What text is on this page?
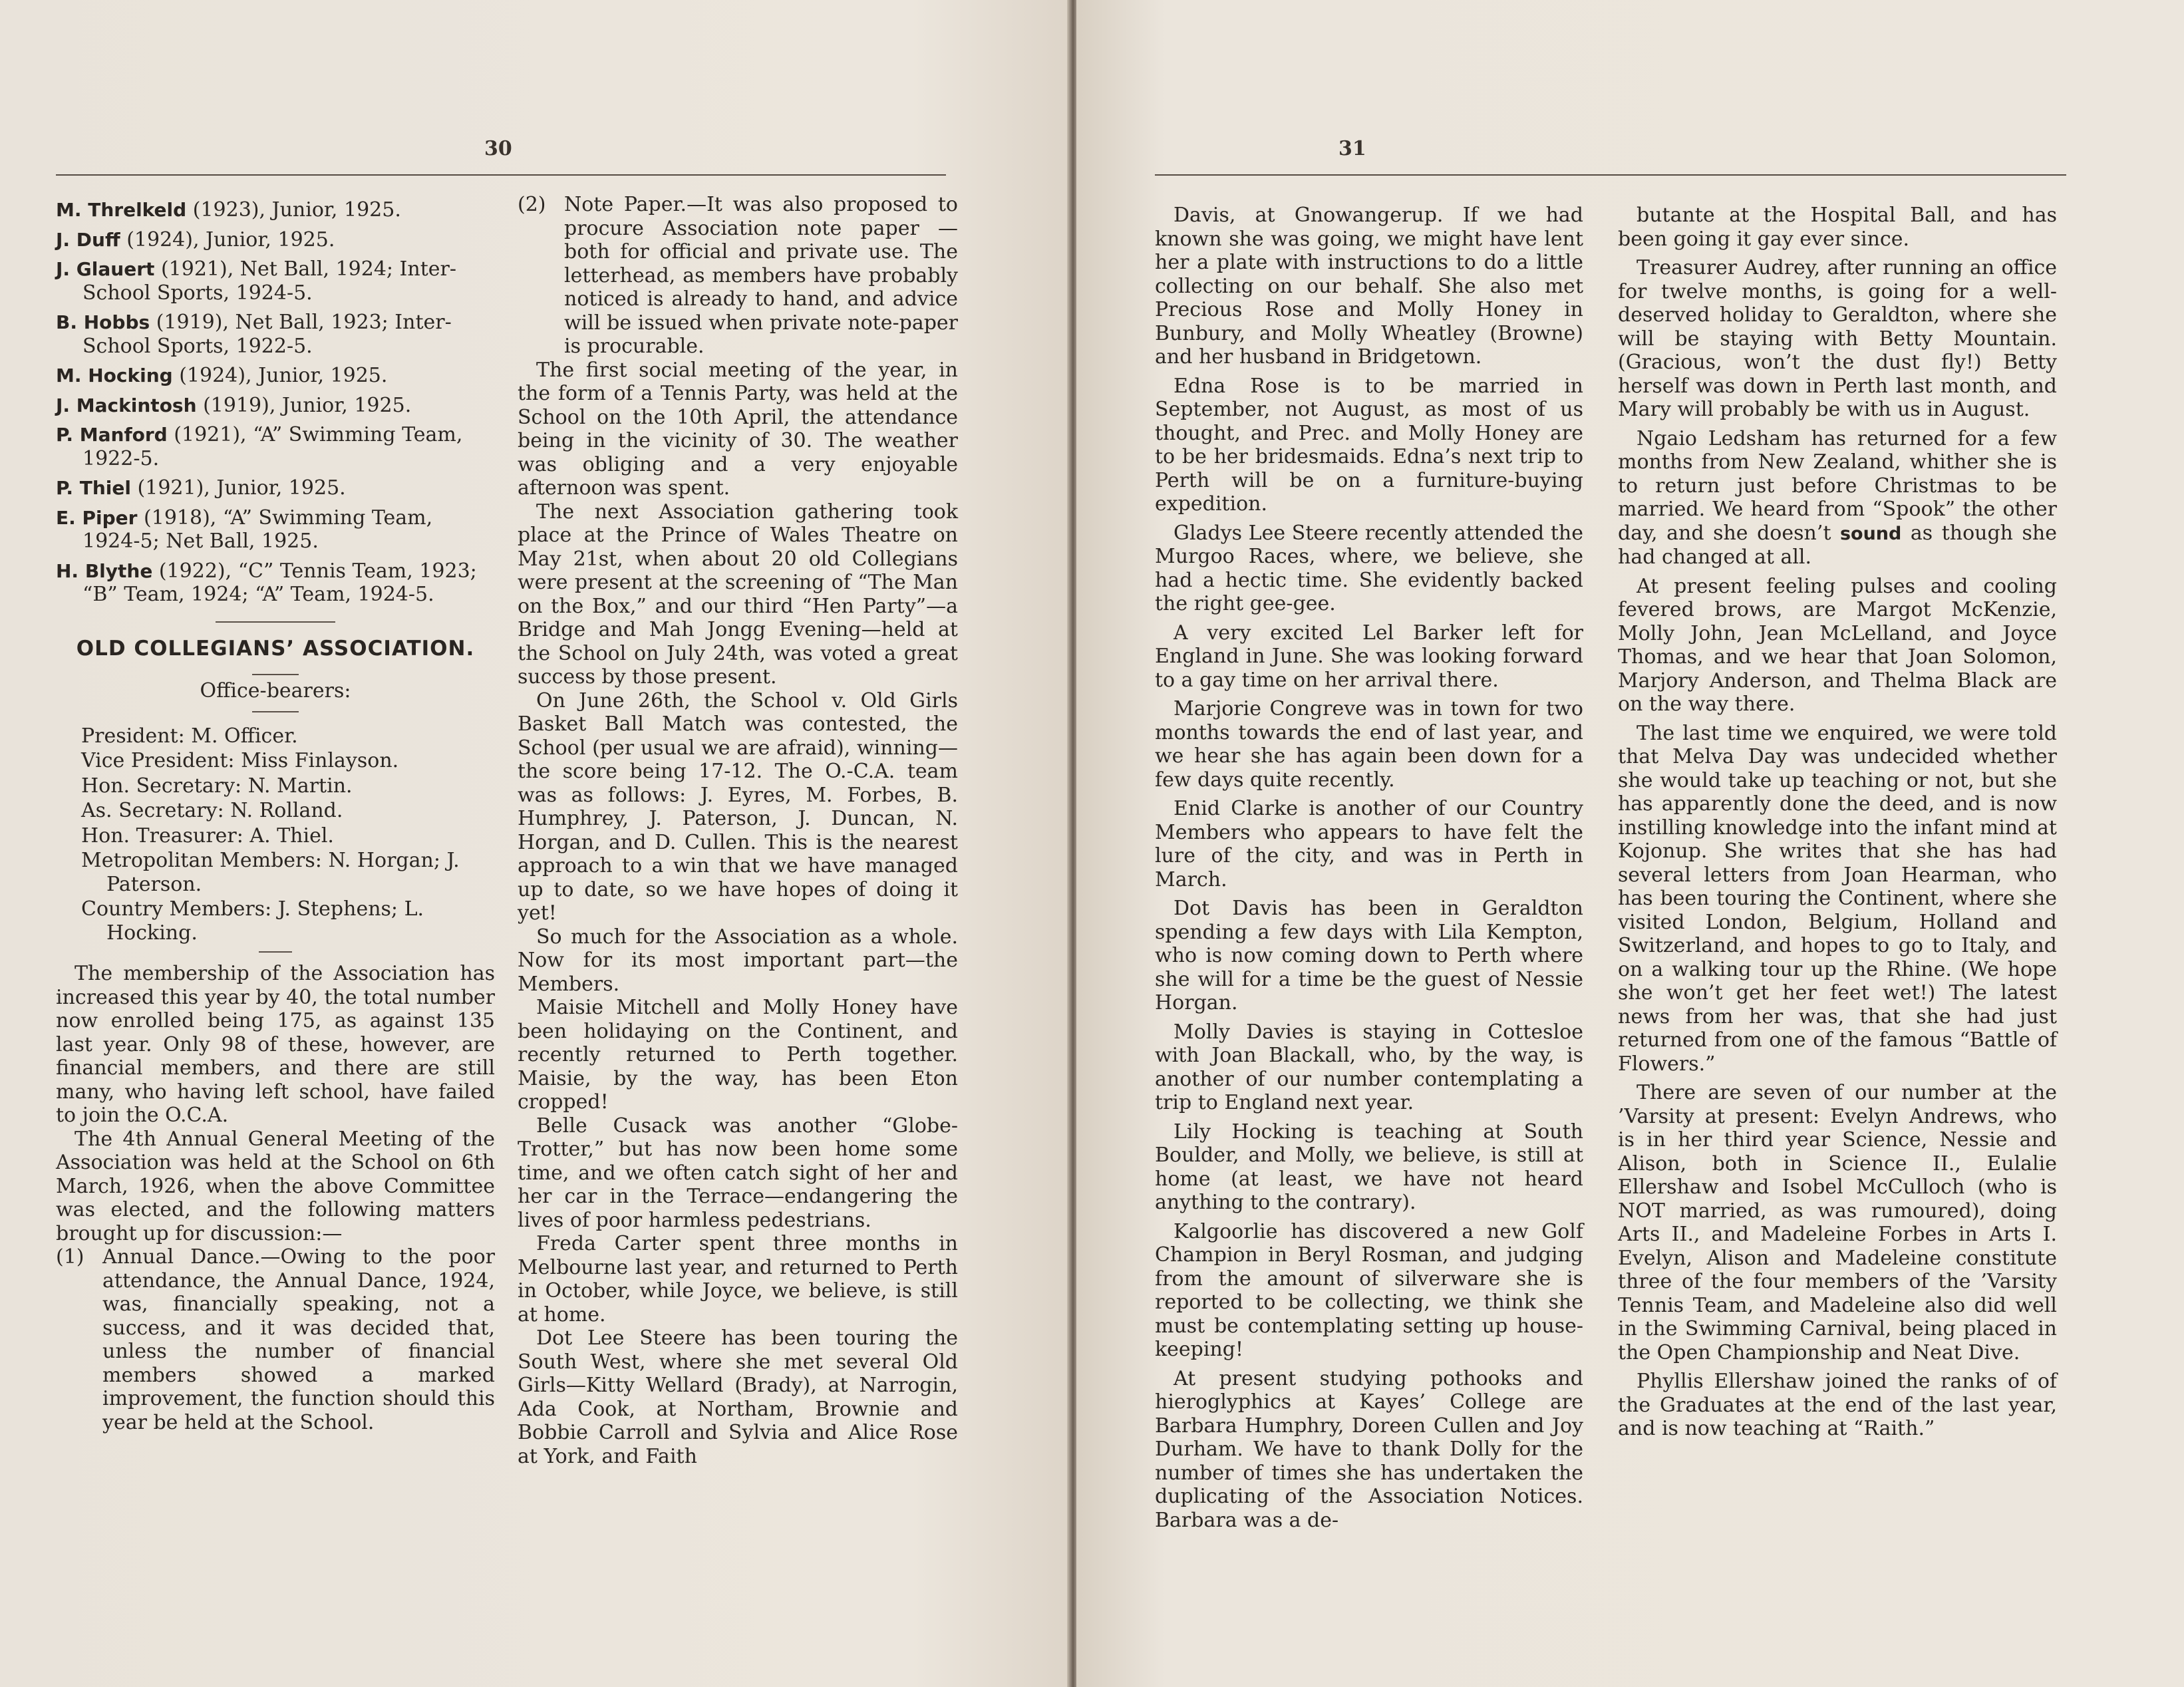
30

M. Threlkeld (1923), Junior, 1925.

J. Duff (1924), Junior, 1925.

J. Glauert (1921), Net Ball, 1924; Inter-School Sports, 1924-5.

B. Hobbs (1919), Net Ball, 1923; Inter-School Sports, 1922-5.

M. Hocking (1924), Junior, 1925.

J. Mackintosh (1919), Junior, 1925.

P. Manford (1921), “A” Swimming Team, 1922-5.

P. Thiel (1921), Junior, 1925.

E. Piper (1918), “A” Swimming Team, 1924-5; Net Ball, 1925.

H. Blythe (1922), “C” Tennis Team, 1923; “B” Team, 1924; “A” Team, 1924-5.

OLD COLLEGIANS’ ASSOCIATION.

Office-bearers:

President: M. Officer.

Vice President: Miss Finlayson.

Hon. Secretary: N. Martin.

As. Secretary: N. Rolland.

Hon. Treasurer: A. Thiel.

Metropolitan Members: N. Horgan; J. Paterson.

Country Members: J. Stephens; L. Hocking.

The membership of the Association has increased this year by 40, the total number now enrolled being 175, as against 135 last year. Only 98 of these, however, are financial members, and there are still many, who having left school, have failed to join the O.C.A.

The 4th Annual General Meeting of the Association was held at the School on 6th March, 1926, when the above Committee was elected, and the following matters brought up for discussion:—

(1) Annual Dance.—Owing to the poor attendance, the Annual Dance, 1924, was, financially speaking, not a success, and it was decided that, unless the number of financial members showed a marked improvement, the function should this year be held at the School.
(2) Note Paper.—It was also proposed to procure Association note paper — both for official and private use. The letterhead, as members have probably noticed is already to hand, and advice will be issued when private note-paper is procurable.

The first social meeting of the year, in the form of a Tennis Party, was held at the School on the 10th April, the attendance being in the vicinity of 30. The weather was obliging and a very enjoyable afternoon was spent.

The next Association gathering took place at the Prince of Wales Theatre on May 21st, when about 20 old Collegians were present at the screening of “The Man on the Box,” and our third “Hen Party”—a Bridge and Mah Jongg Evening—held at the School on July 24th, was voted a great success by those present.

On June 26th, the School v. Old Girls Basket Ball Match was contested, the School (per usual we are afraid), winning—the score being 17-12. The O.-C.A. team was as follows: J. Eyres, M. Forbes, B. Humphrey, J. Paterson, J. Duncan, N. Horgan, and D. Cullen. This is the nearest approach to a win that we have managed up to date, so we have hopes of doing it yet!

So much for the Association as a whole. Now for its most important part—the Members.

Maisie Mitchell and Molly Honey have been holidaying on the Continent, and recently returned to Perth together. Maisie, by the way, has been Eton cropped!

Belle Cusack was another “Globe-Trotter,” but has now been home some time, and we often catch sight of her and her car in the Terrace—endangering the lives of poor harmless pedestrians.

Freda Carter spent three months in Melbourne last year, and returned to Perth in October, while Joyce, we believe, is still at home.

Dot Lee Steere has been touring the South West, where she met several Old Girls—Kitty Wellard (Brady), at Narrogin, Ada Cook, at Northam, Brownie and Bobbie Carroll and Sylvia and Alice Rose at York, and Faith

31

Davis, at Gnowangerup. If we had known she was going, we might have lent her a plate with instructions to do a little collecting on our behalf. She also met Precious Rose and Molly Honey in Bunbury, and Molly Wheatley (Browne) and her husband in Bridgetown.

Edna Rose is to be married in September, not August, as most of us thought, and Prec. and Molly Honey are to be her bridesmaids. Edna’s next trip to Perth will be on a furniture-buying expedition.

Gladys Lee Steere recently attended the Murgoo Races, where, we believe, she had a hectic time. She evidently backed the right gee-gee.

A very excited Lel Barker left for England in June. She was looking forward to a gay time on her arrival there.

Marjorie Congreve was in town for two months towards the end of last year, and we hear she has again been down for a few days quite recently.

Enid Clarke is another of our Country Members who appears to have felt the lure of the city, and was in Perth in March.

Dot Davis has been in Geraldton spending a few days with Lila Kempton, who is now coming down to Perth where she will for a time be the guest of Nessie Horgan.

Molly Davies is staying in Cottesloe with Joan Blackall, who, by the way, is another of our number contemplating a trip to England next year.

Lily Hocking is teaching at South Boulder, and Molly, we believe, is still at home (at least, we have not heard anything to the contrary).

Kalgoorlie has discovered a new Golf Champion in Beryl Rosman, and judging from the amount of silverware she is reported to be collecting, we think she must be contemplating setting up house-keeping!

At present studying pothooks and hieroglyphics at Kayes’ College are Barbara Humphry, Doreen Cullen and Joy Durham. We have to thank Dolly for the number of times she has undertaken the duplicating of the Association Notices. Barbara was a de-

butante at the Hospital Ball, and has been going it gay ever since.

Treasurer Audrey, after running an office for twelve months, is going for a well-deserved holiday to Geraldton, where she will be staying with Betty Mountain. (Gracious, won’t the dust fly!) Betty herself was down in Perth last month, and Mary will probably be with us in August.

Ngaio Ledsham has returned for a few months from New Zealand, whither she is to return just before Christmas to be married. We heard from “Spook” the other day, and she doesn’t sound as though she had changed at all.

At present feeling pulses and cooling fevered brows, are Margot McKenzie, Molly John, Jean McLelland, and Joyce Thomas, and we hear that Joan Solomon, Marjory Anderson, and Thelma Black are on the way there.

The last time we enquired, we were told that Melva Day was undecided whether she would take up teaching or not, but she has apparently done the deed, and is now instilling knowledge into the infant mind at Kojonup. She writes that she has had several letters from Joan Hearman, who has been touring the Continent, where she visited London, Belgium, Holland and Switzerland, and hopes to go to Italy, and on a walking tour up the Rhine. (We hope she won’t get her feet wet!) The latest news from her was, that she had just returned from one of the famous “Battle of Flowers.”

There are seven of our number at the ’Varsity at present: Evelyn Andrews, who is in her third year Science, Nessie and Alison, both in Science II., Eulalie Ellershaw and Isobel McCulloch (who is NOT married, as was rumoured), doing Arts II., and Madeleine Forbes in Arts I. Evelyn, Alison and Madeleine constitute three of the four members of the ’Varsity Tennis Team, and Madeleine also did well in the Swimming Carnival, being placed in the Open Championship and Neat Dive.

Phyllis Ellershaw joined the ranks of of the Graduates at the end of the last year, and is now teaching at “Raith.”
